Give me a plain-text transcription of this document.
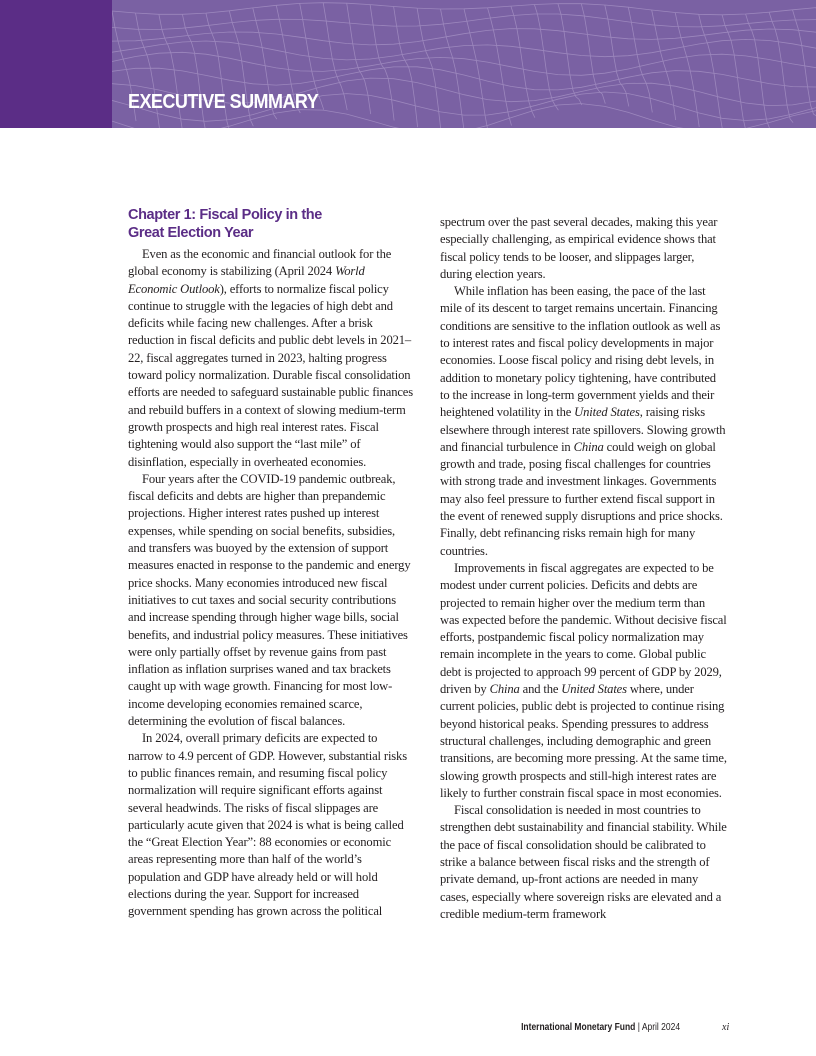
EXECUTIVE SUMMARY
Chapter 1: Fiscal Policy in the
Great Election Year

Even as the economic and financial outlook for the global economy is stabilizing (April 2024 World Economic Outlook), efforts to normalize fiscal policy continue to struggle with the legacies of high debt and deficits while facing new challenges. After a brisk reduction in fiscal deficits and public debt levels in 2021–22, fiscal aggregates turned in 2023, halting progress toward policy normalization. Durable fiscal consolidation efforts are needed to safeguard sustainable public finances and rebuild buffers in a context of slowing medium-term growth prospects and high real interest rates. Fiscal tightening would also support the “last mile” of disinflation, especially in overheated economies.

Four years after the COVID-19 pandemic outbreak, fiscal deficits and debts are higher than prepandemic projections. Higher interest rates pushed up interest expenses, while spending on social benefits, subsidies, and transfers was buoyed by the extension of support measures enacted in response to the pandemic and energy price shocks. Many economies introduced new fiscal initiatives to cut taxes and social security contributions and increase spending through higher wage bills, social benefits, and industrial policy measures. These initiatives were only partially offset by revenue gains from past inflation as inflation surprises waned and tax brackets caught up with wage growth. Financing for most low-income developing economies remained scarce, determining the evolution of fiscal balances.

In 2024, overall primary deficits are expected to narrow to 4.9 percent of GDP. However, substantial risks to public finances remain, and resuming fiscal policy normalization will require significant efforts against several headwinds. The risks of fiscal slippages are particularly acute given that 2024 is what is being called the “Great Election Year”: 88 economies or economic areas representing more than half of the world’s population and GDP have already held or will hold elections during the year. Support for increased government spending has grown across the political

spectrum over the past several decades, making this year especially challenging, as empirical evidence shows that fiscal policy tends to be looser, and slippages larger, during election years.

While inflation has been easing, the pace of the last mile of its descent to target remains uncertain. Financing conditions are sensitive to the inflation outlook as well as to interest rates and fiscal policy developments in major economies. Loose fiscal policy and rising debt levels, in addition to monetary policy tightening, have contributed to the increase in long-term government yields and their heightened volatility in the United States, raising risks elsewhere through interest rate spillovers. Slowing growth and financial turbulence in China could weigh on global growth and trade, posing fiscal challenges for countries with strong trade and investment linkages. Governments may also feel pressure to further extend fiscal support in the event of renewed supply disruptions and price shocks. Finally, debt refinancing risks remain high for many countries.

Improvements in fiscal aggregates are expected to be modest under current policies. Deficits and debts are projected to remain higher over the medium term than was expected before the pandemic. Without decisive fiscal efforts, postpandemic fiscal policy normalization may remain incomplete in the years to come. Global public debt is projected to approach 99 percent of GDP by 2029, driven by China and the United States where, under current policies, public debt is projected to continue rising beyond historical peaks. Spending pressures to address structural challenges, including demographic and green transitions, are becoming more pressing. At the same time, slowing growth prospects and still-high interest rates are likely to further constrain fiscal space in most economies.

Fiscal consolidation is needed in most countries to strengthen debt sustainability and financial stability. While the pace of fiscal consolidation should be calibrated to strike a balance between fiscal risks and the strength of private demand, up-front actions are needed in many cases, especially where sovereign risks are elevated and a credible medium-term framework

International Monetary Fund | April 2024	xi
